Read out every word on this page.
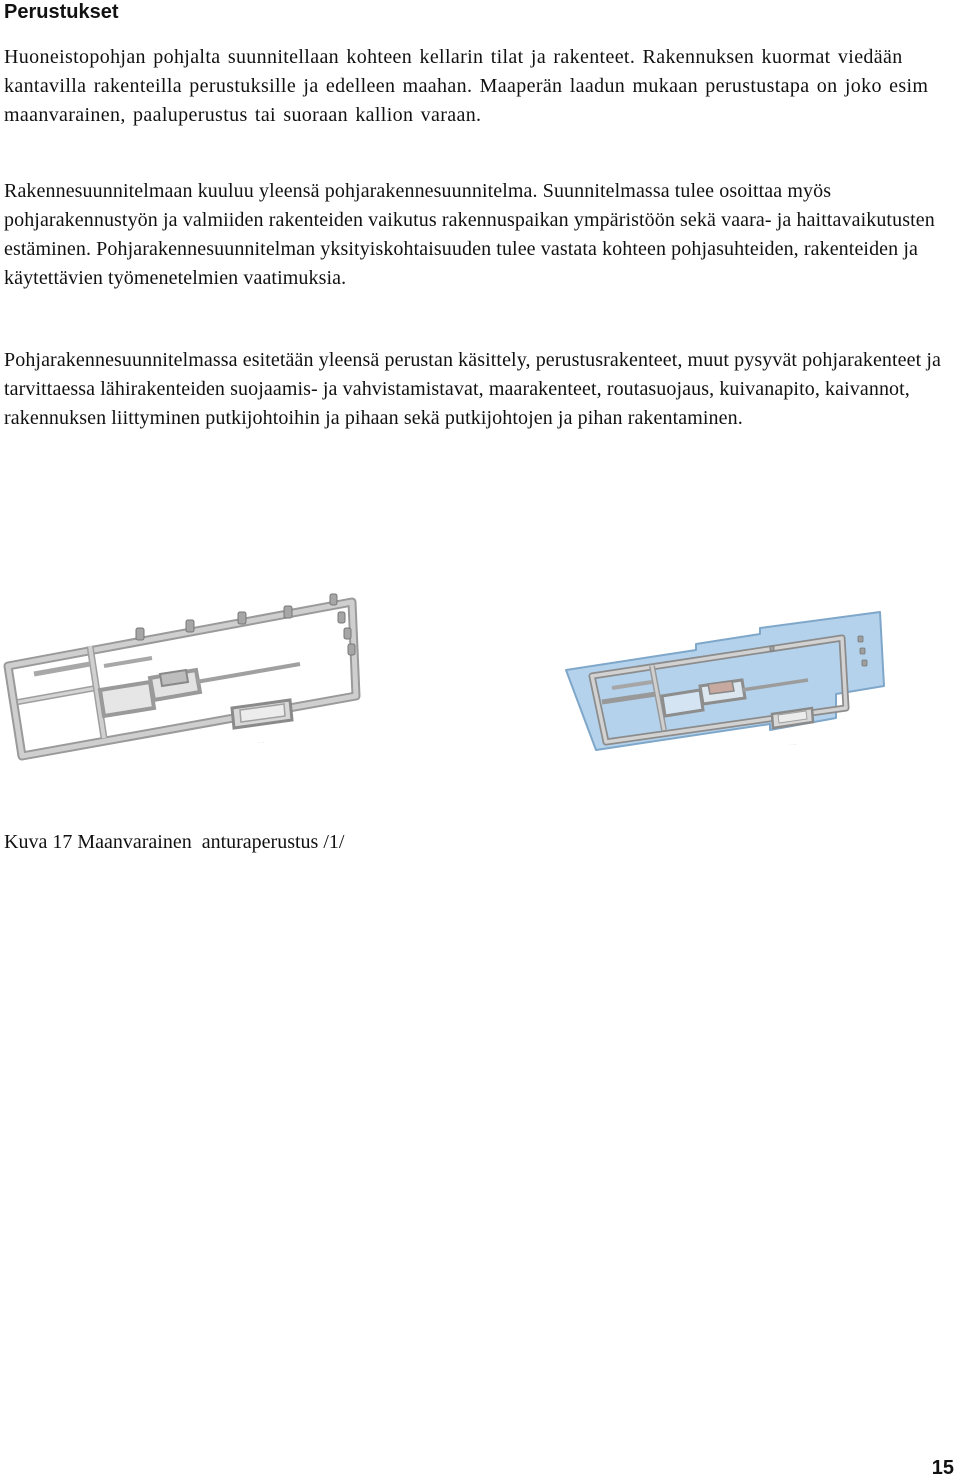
Perustukset

Huoneistopohjan pohjalta suunnitellaan kohteen kellarin tilat ja rakenteet. Rakennuksen kuormat viedään kantavilla rakenteilla perustuksille ja edelleen maahan. Maaperän laadun mukaan perustustapa on joko esim maanvarainen, paaluperustus tai suoraan kallion varaan.

Rakennesuunnitelmaan kuuluu yleensä pohjarakennesuunnitelma. Suunnitelmassa tulee osoittaa myös pohjarakennustyön ja valmiiden rakenteiden vaikutus rakennuspaikan ympäristöön sekä vaara- ja haittavaikutusten estäminen. Pohjarakennesuunnitelman yksityiskohtaisuuden tulee vastata kohteen pohjasuhteiden, rakenteiden ja käytettävien työmenetelmien vaatimuksia.

Pohjarakennesuunnitelmassa esitetään yleensä perustan käsittely, perustusrakenteet, muut pysyvät pohjarakenteet ja tarvittaessa lähirakenteiden suojaamis- ja vahvistamistavat, maarakenteet, routasuojaus, kuivanapito, kaivannot, rakennuksen liittyminen putkijohtoihin ja pihaan sekä putkijohtojen ja pihan rakentaminen.

· · ·	· · ·

Kuva 17 Maanvarainen  anturaperustus /1/

15
